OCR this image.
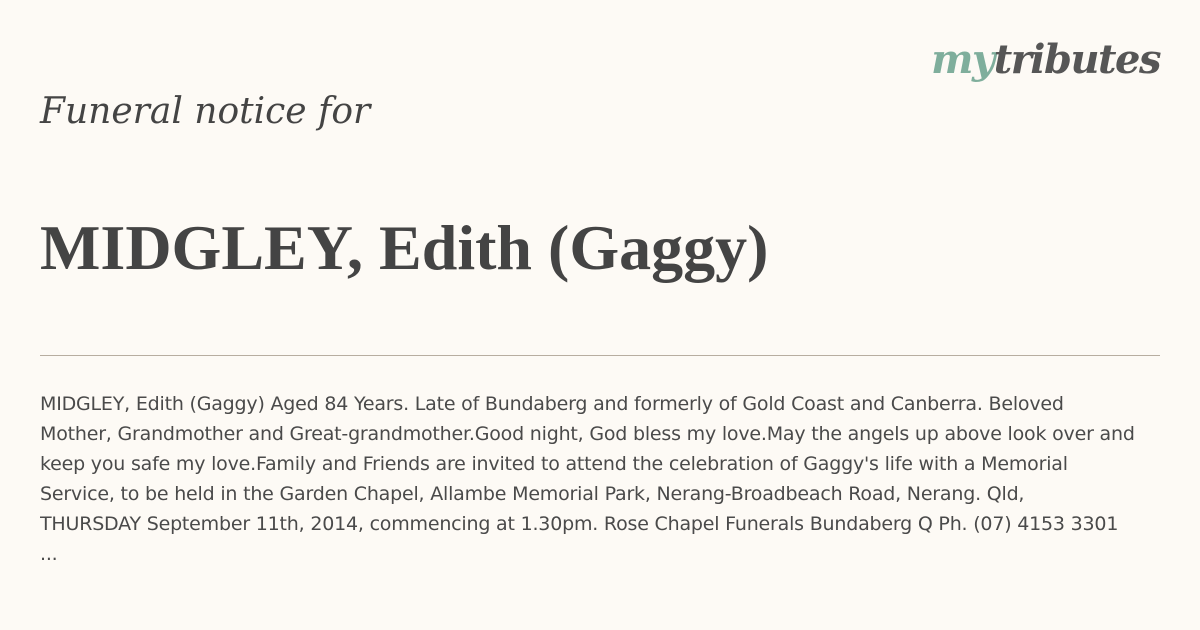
mytributes
Funeral notice for
MIDGLEY, Edith (Gaggy)
MIDGLEY, Edith (Gaggy) Aged 84 Years. Late of Bundaberg and formerly of Gold Coast and Canberra. Beloved
Mother, Grandmother and Great-grandmother.Good night, God bless my love.May the angels up above look over and
keep you safe my love.Family and Friends are invited to attend the celebration of Gaggy's life with a Memorial
Service, to be held in the Garden Chapel, Allambe Memorial Park, Nerang-Broadbeach Road, Nerang. Qld,
THURSDAY September 11th, 2014, commencing at 1.30pm. Rose Chapel Funerals Bundaberg Q Ph. (07) 4153 3301
...
